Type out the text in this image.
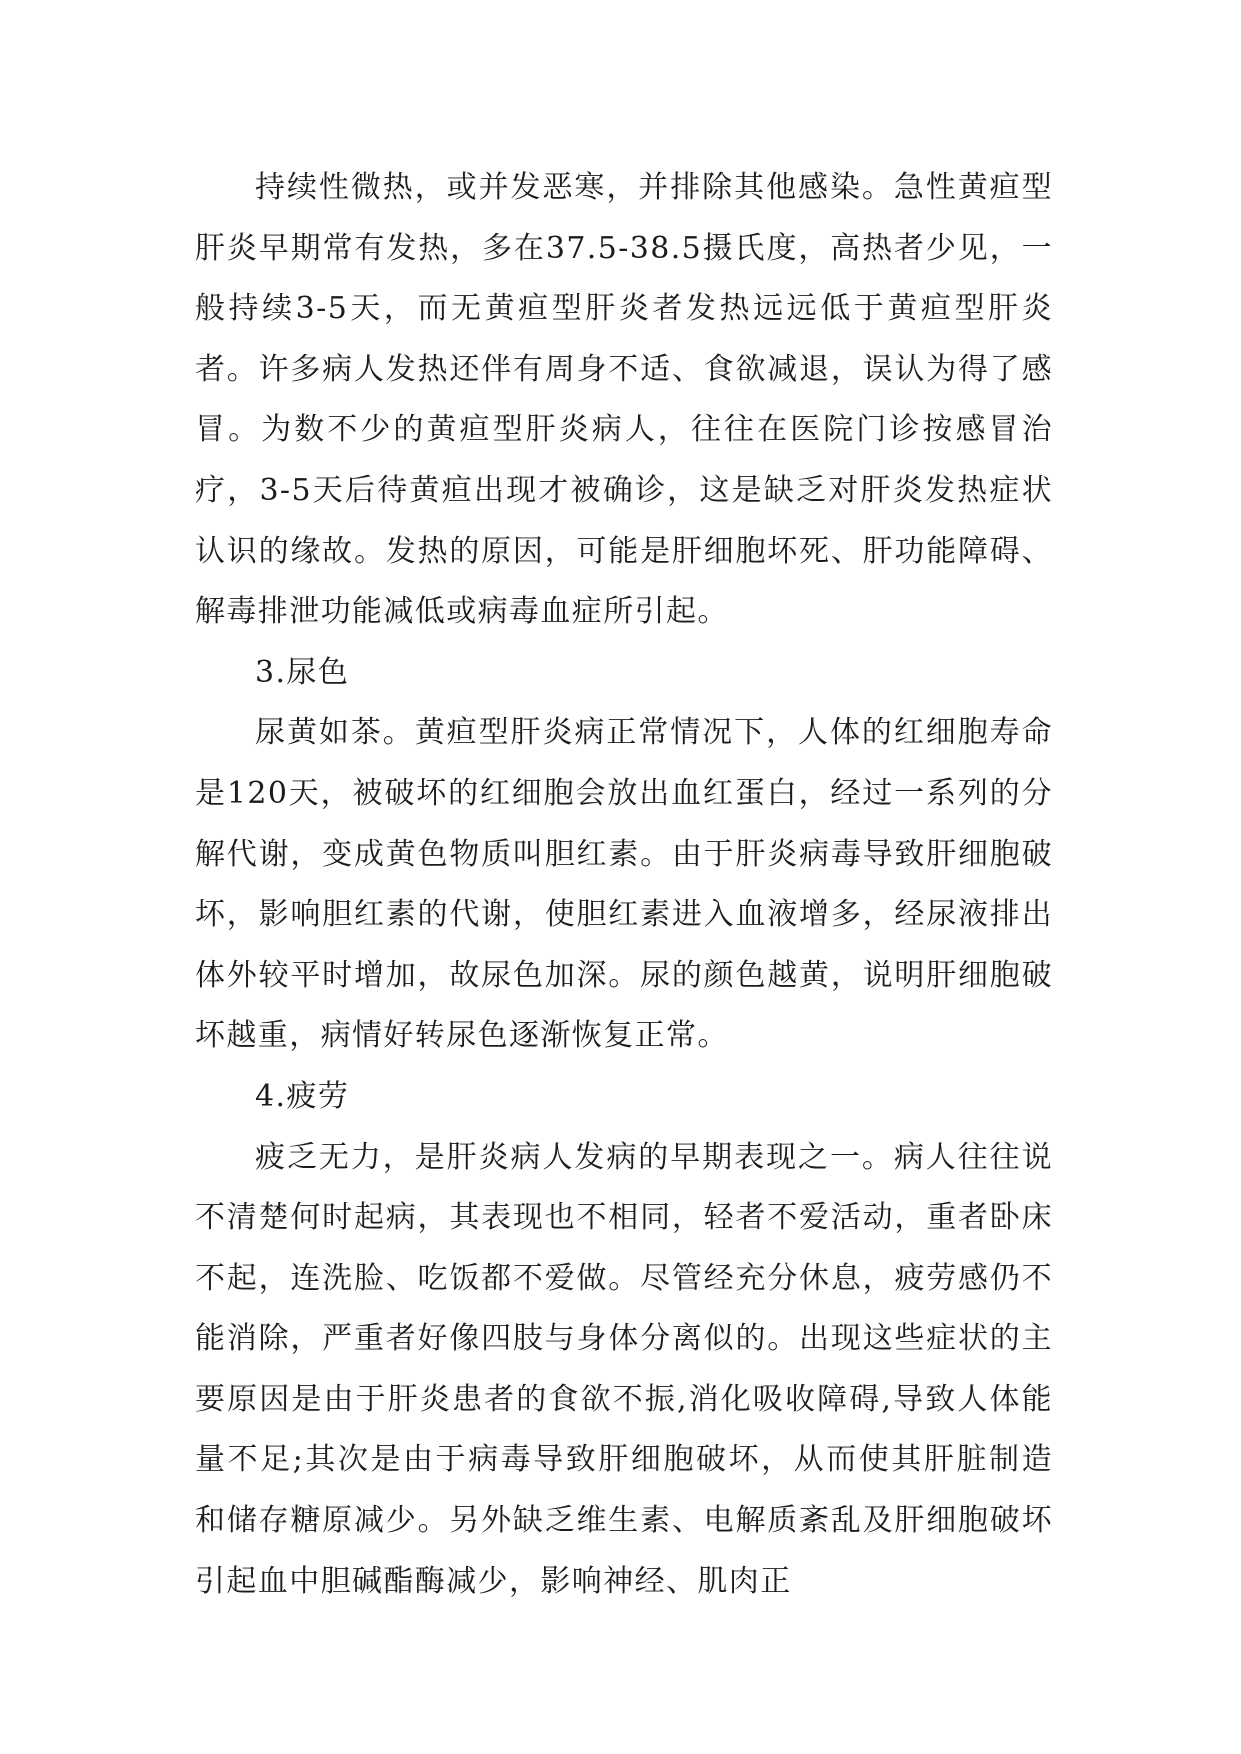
持续性微热，或并发恶寒，并排除其他感染。急性黄疸型肝炎早期常有发热，多在37.5-38.5摄氏度，高热者少见，一般持续3-5天，而无黄疸型肝炎者发热远远低于黄疸型肝炎者。许多病人发热还伴有周身不适、食欲减退，误认为得了感冒。为数不少的黄疸型肝炎病人，往往在医院门诊按感冒治疗，3-5天后待黄疸出现才被确诊，这是缺乏对肝炎发热症状认识的缘故。发热的原因，可能是肝细胞坏死、肝功能障碍、解毒排泄功能减低或病毒血症所引起。

3.尿色

尿黄如茶。黄疸型肝炎病正常情况下，人体的红细胞寿命是120天，被破坏的红细胞会放出血红蛋白，经过一系列的分解代谢，变成黄色物质叫胆红素。由于肝炎病毒导致肝细胞破坏，影响胆红素的代谢，使胆红素进入血液增多，经尿液排出体外较平时增加，故尿色加深。尿的颜色越黄，说明肝细胞破坏越重，病情好转尿色逐渐恢复正常。

4.疲劳

疲乏无力，是肝炎病人发病的早期表现之一。病人往往说不清楚何时起病，其表现也不相同，轻者不爱活动，重者卧床不起，连洗脸、吃饭都不爱做。尽管经充分休息，疲劳感仍不能消除，严重者好像四肢与身体分离似的。出现这些症状的主要原因是由于肝炎患者的食欲不振,消化吸收障碍,导致人体能量不足;其次是由于病毒导致肝细胞破坏，从而使其肝脏制造和储存糖原减少。另外缺乏维生素、电解质紊乱及肝细胞破坏引起血中胆碱酯酶减少，影响神经、肌肉正
